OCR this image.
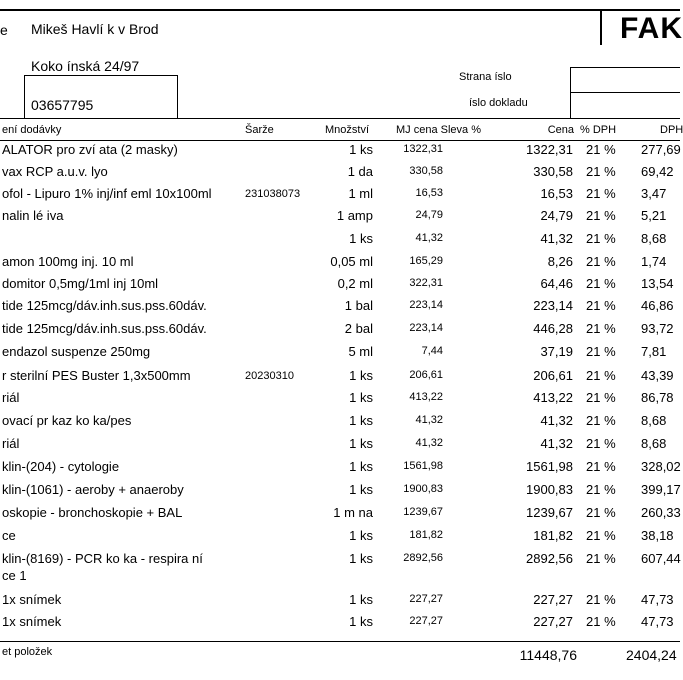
e Mikeš Havlí k v Brod	FAK
Koko ínská 24/97
03657795
Strana íslo
íslo dokladu
ení dodávky	Šarže	Množství MJ cena Sleva %	Cena % DPH	DPH
ALATOR pro zví ata (2 masky)	1 ks	1322,31	1322,31 21 % 277,69
vax RCP a.u.v. lyo	1 da	330,58	330,58 21 % 69,42
ofol - Lipuro 1% inj/inf eml 10x100ml	231038073	1 ml	16,53	16,53 21 % 3,47
nalin lé iva	1 amp	24,79	24,79 21 % 5,21
1 ks	41,32	41,32 21 % 8,68
amon 100mg inj. 10 ml	0,05 ml	165,29	8,26 21 % 1,74
domitor 0,5mg/1ml inj 10ml	0,2 ml	322,31	64,46 21 % 13,54
tide 125mcg/dáv.inh.sus.pss.60dáv.	1 bal	223,14	223,14 21 % 46,86
tide 125mcg/dáv.inh.sus.pss.60dáv.	2 bal	223,14	446,28 21 % 93,72
endazol suspenze 250mg	5 ml	7,44	37,19 21 % 7,81
r sterilní PES Buster 1,3x500mm	20230310	1 ks	206,61	206,61 21 % 43,39
riál	1 ks	413,22	413,22 21 % 86,78
ovací pr kaz ko ka/pes	1 ks	41,32	41,32 21 % 8,68
riál	1 ks	41,32	41,32 21 % 8,68
klin-(204) - cytologie	1 ks	1561,98	1561,98 21 % 328,02
klin-(1061) - aeroby + anaeroby	1 ks	1900,83	1900,83 21 % 399,17
oskopie - bronchoskopie + BAL	1 m na	1239,67	1239,67 21 % 260,33
ce	1 ks	181,82	181,82 21 % 38,18
klin-(8169) - PCR ko ka - respira ní	1 ks	2892,56	2892,56 21 % 607,44
ce 1
1x snímek	1 ks	227,27	227,27 21 % 47,73
1x snímek	1 ks	227,27	227,27 21 % 47,73
et položek	11448,76	2404,24
